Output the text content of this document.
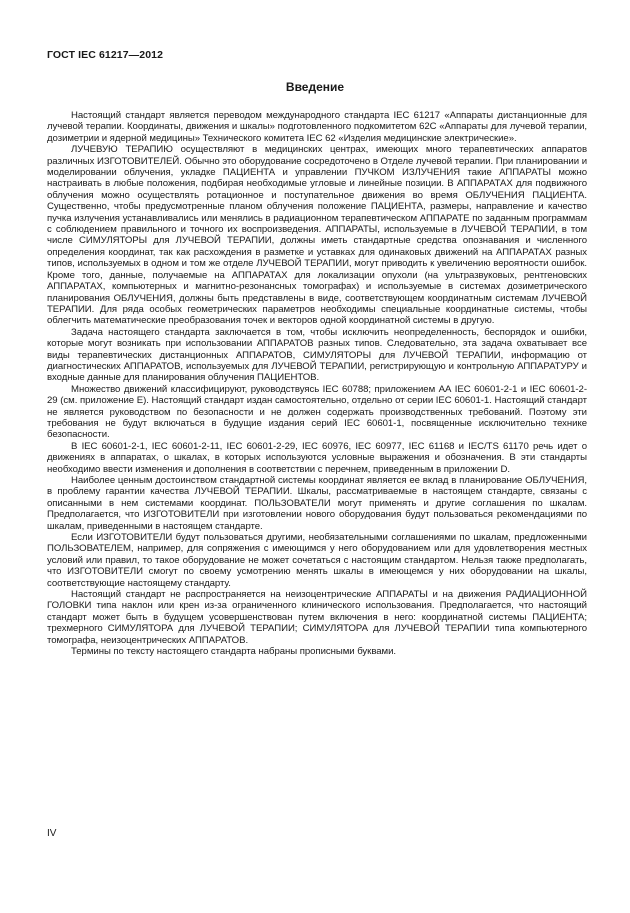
ГОСТ IEC 61217—2012
Введение

Настоящий стандарт является переводом международного стандарта IEC 61217 «Аппараты дистанционные для лучевой терапии. Координаты, движения и шкалы» подготовленного подкомитетом 62С «Аппараты для лучевой терапии, дозиметрии и ядерной медицины» Технического комитета IEC 62 «Изделия медицинские электрические».

ЛУЧЕВУЮ ТЕРАПИЮ осуществляют в медицинских центрах, имеющих много терапевтических аппаратов различных ИЗГОТОВИТЕЛЕЙ. Обычно это оборудование сосредоточено в Отделе лучевой терапии. При планировании и моделировании облучения, укладке ПАЦИЕНТА и управлении ПУЧКОМ ИЗЛУЧЕНИЯ такие АППАРАТЫ можно настраивать в любые положения, подбирая необходимые угловые и линейные позиции. В АППАРАТАХ для подвижного облучения можно осуществлять ротационное и поступательное движения во время ОБЛУЧЕНИЯ ПАЦИЕНТА. Существенно, чтобы предусмотренные планом облучения положение ПАЦИЕНТА, размеры, направление и качество пучка излучения устанавливались или менялись в радиационном терапевтическом АППАРАТЕ по заданным программам с соблюдением правильного и точного их воспроизведения. АППАРАТЫ, используемые в ЛУЧЕВОЙ ТЕРАПИИ, в том числе СИМУЛЯТОРЫ для ЛУЧЕВОЙ ТЕРАПИИ, должны иметь стандартные средства опознавания и численного определения координат, так как расхождения в разметке и уставках для одинаковых движений на АППАРАТАХ разных типов, используемых в одном и том же отделе ЛУЧЕВОЙ ТЕРАПИИ, могут приводить к увеличению вероятности ошибок. Кроме того, данные, получаемые на АППАРАТАХ для локализации опухоли (на ультразвуковых, рентгеновских АППАРАТАХ, компьютерных и магнитно-резонансных томографах) и используемые в системах дозиметрического планирования ОБЛУЧЕНИЯ, должны быть представлены в виде, соответствующем координатным системам ЛУЧЕВОЙ ТЕРАПИИ. Для ряда особых геометрических параметров необходимы специальные координатные системы, чтобы облегчить математические преобразования точек и векторов одной координатной системы в другую.

Задача настоящего стандарта заключается в том, чтобы исключить неопределенность, беспорядок и ошибки, которые могут возникать при использовании АППАРАТОВ разных типов. Следовательно, эта задача охватывает все виды терапевтических дистанционных АППАРАТОВ, СИМУЛЯТОРЫ для ЛУЧЕВОЙ ТЕРАПИИ, информацию от диагностических АППАРАТОВ, используемых для ЛУЧЕВОЙ ТЕРАПИИ, регистрирующую и контрольную АППАРАТУРУ и входные данные для планирования облучения ПАЦИЕНТОВ.

Множество движений классифицируют, руководствуясь IEC 60788; приложением АА IEC 60601-2-1 и IEC 60601-2-29 (см. приложение Е). Настоящий стандарт издан самостоятельно, отдельно от серии IEC 60601-1. Настоящий стандарт не является руководством по безопасности и не должен содержать производственных требований. Поэтому эти требования не будут включаться в будущие издания серий IEC 60601-1, посвященные исключительно технике безопасности.

В IEC 60601-2-1, IEC 60601-2-11, IEC 60601-2-29, IEC 60976, IEC 60977, IEC 61168 и IEC/TS 61170 речь идет о движениях в аппаратах, о шкалах, в которых используются условные выражения и обозначения. В эти стандарты необходимо ввести изменения и дополнения в соответствии с перечнем, приведенным в приложении D.

Наиболее ценным достоинством стандартной системы координат является ее вклад в планирование ОБЛУЧЕНИЯ, в проблему гарантии качества ЛУЧЕВОЙ ТЕРАПИИ. Шкалы, рассматриваемые в настоящем стандарте, связаны с описанными в нем системами координат. ПОЛЬЗОВАТЕЛИ могут применять и другие соглашения по шкалам. Предполагается, что ИЗГОТОВИТЕЛИ при изготовлении нового оборудования будут пользоваться рекомендациями по шкалам, приведенными в настоящем стандарте.

Если ИЗГОТОВИТЕЛИ будут пользоваться другими, необязательными соглашениями по шкалам, предложенными ПОЛЬЗОВАТЕЛЕМ, например, для сопряжения с имеющимся у него оборудованием или для удовлетворения местных условий или правил, то такое оборудование не может сочетаться с настоящим стандартом. Нельзя также предполагать, что ИЗГОТОВИТЕЛИ смогут по своему усмотрению менять шкалы в имеющемся у них оборудовании на шкалы, соответствующие настоящему стандарту.

Настоящий стандарт не распространяется на неизоцентрические АППАРАТЫ и на движения РАДИАЦИОННОЙ ГОЛОВКИ типа наклон или крен из-за ограниченного клинического использования. Предполагается, что настоящий стандарт может быть в будущем усовершенствован путем включения в него: координатной системы ПАЦИЕНТА; трехмерного СИМУЛЯТОРА для ЛУЧЕВОЙ ТЕРАПИИ; СИМУЛЯТОРА для ЛУЧЕВОЙ ТЕРАПИИ типа компьютерного томографа, неизоцентрических АППАРАТОВ.

Термины по тексту настоящего стандарта набраны прописными буквами.

IV
